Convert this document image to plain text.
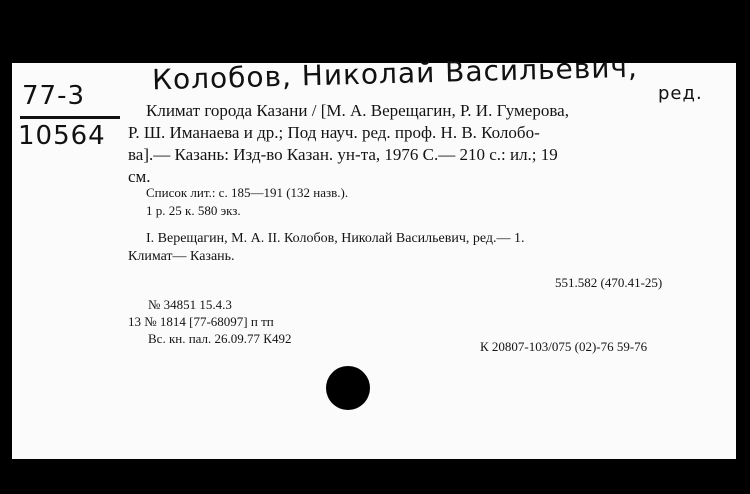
Колобов, Николай Васильевич, ред.
77-3
10564
Климат города Казани / [М. А. Верещагин, Р. И. Гумерова,
Р. Ш. Иманаева и др.; Под науч. ред. проф. Н. В. Колобо-
ва].— Казань: Изд-во Казан. ун-та, 1976 С.— 210 с.: ил.; 19
см.
Список лит.: с. 185—191 (132 назв.).
1 р. 25 к. 580 экз.
I. Верещагин, М. А. II. Колобов, Николай Васильевич, ред.— 1.
Климат— Казань.
551.582 (470.41-25)
№ 34851 15.4.3
13 № 1814 [77-68097] п тп
Вс. кн. пал. 26.09.77 К492
К 20807-103/075 (02)-76 59-76
